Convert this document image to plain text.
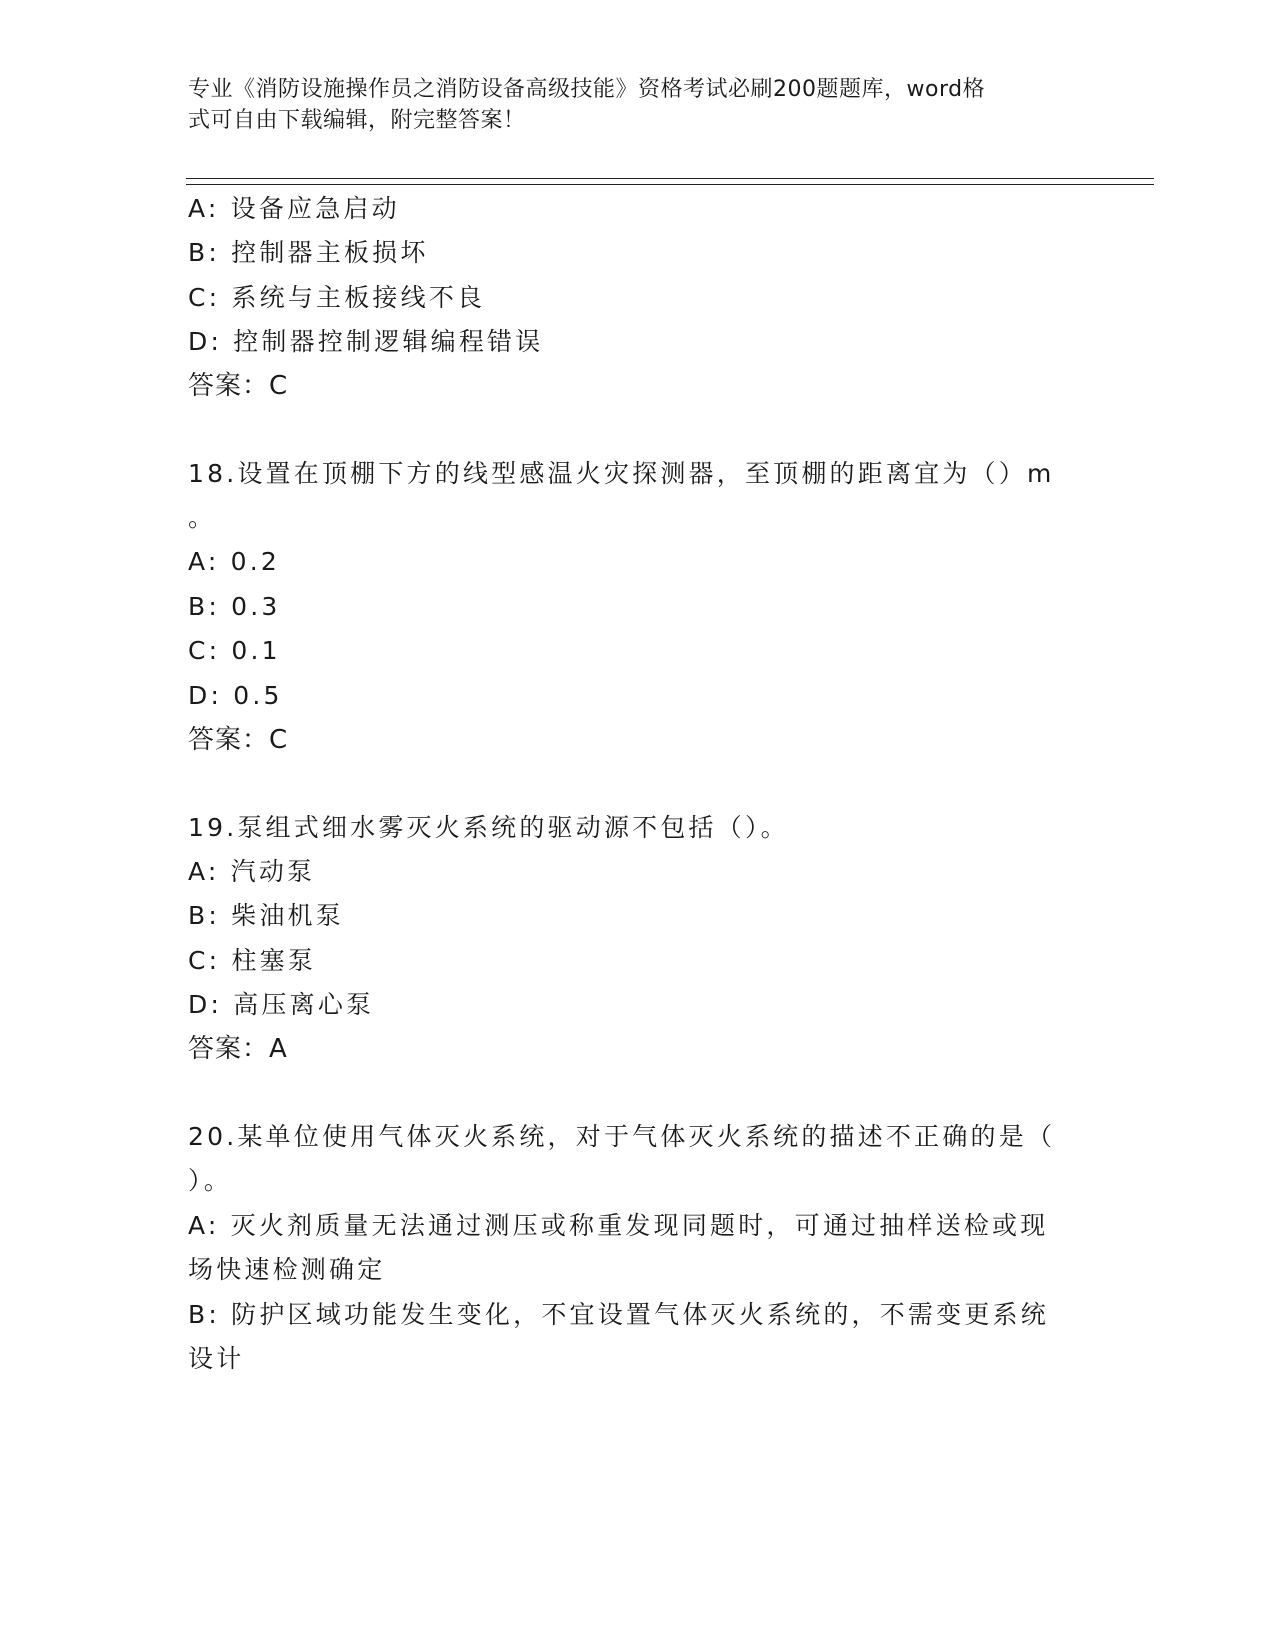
专业《消防设施操作员之消防设备高级技能》资格考试必刷200题题库，word格
式可自由下载编辑，附完整答案！
A: 设备应急启动
B: 控制器主板损坏
C: 系统与主板接线不良
D: 控制器控制逻辑编程错误
答案：C
18.设置在顶棚下方的线型感温火灾探测器，至顶棚的距离宜为（）m
。
A: 0.2
B: 0.3
C: 0.1
D: 0.5
答案：C
19.泵组式细水雾灭火系统的驱动源不包括（）。
A: 汽动泵
B: 柴油机泵
C: 柱塞泵
D: 高压离心泵
答案：A
20.某单位使用气体灭火系统，对于气体灭火系统的描述不正确的是（
）。
A: 灭火剂质量无法通过测压或称重发现同题时，可通过抽样送检或现
场快速检测确定
B: 防护区域功能发生变化，不宜设置气体灭火系统的，不需变更系统
设计
